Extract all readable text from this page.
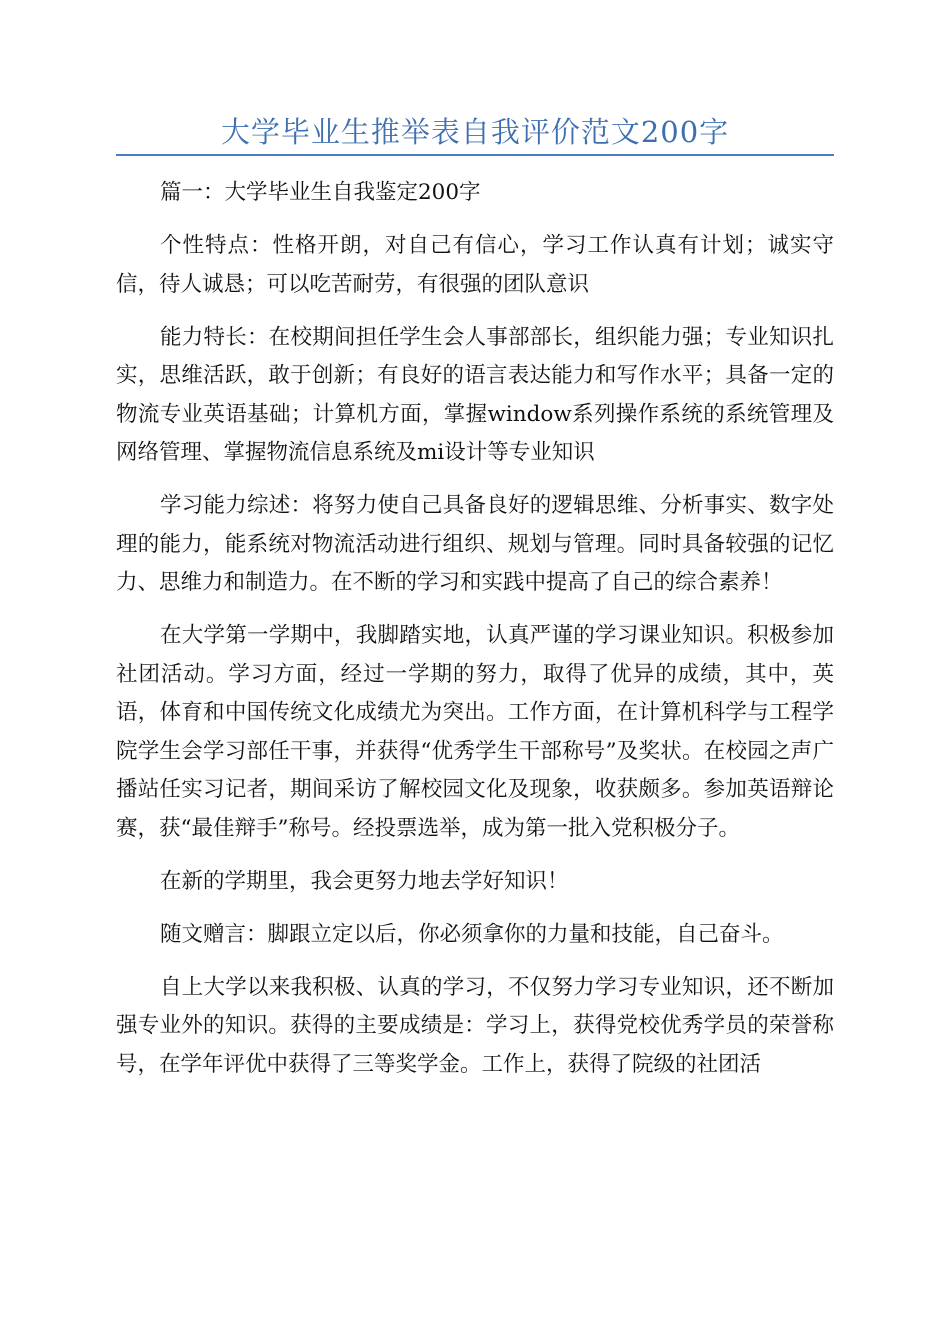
大学毕业生推举表自我评价范文200字

篇一：大学毕业生自我鉴定200字

个性特点：性格开朗，对自己有信心，学习工作认真有计划；诚实守信，待人诚恳；可以吃苦耐劳，有很强的团队意识

能力特长：在校期间担任学生会人事部部长，组织能力强；专业知识扎实，思维活跃，敢于创新；有良好的语言表达能力和写作水平；具备一定的物流专业英语基础；计算机方面，掌握window系列操作系统的系统管理及网络管理、掌握物流信息系统及mi设计等专业知识

学习能力综述：将努力使自己具备良好的逻辑思维、分析事实、数字处理的能力，能系统对物流活动进行组织、规划与管理。同时具备较强的记忆力、思维力和制造力。在不断的学习和实践中提高了自己的综合素养！

在大学第一学期中，我脚踏实地，认真严谨的学习课业知识。积极参加社团活动。学习方面，经过一学期的努力，取得了优异的成绩，其中，英语，体育和中国传统文化成绩尤为突出。工作方面，在计算机科学与工程学院学生会学习部任干事，并获得“优秀学生干部称号”及奖状。在校园之声广播站任实习记者，期间采访了解校园文化及现象，收获颇多。参加英语辩论赛，获“最佳辩手”称号。经投票选举，成为第一批入党积极分子。

在新的学期里，我会更努力地去学好知识！

随文赠言：脚跟立定以后，你必须拿你的力量和技能，自己奋斗。

自上大学以来我积极、认真的学习，不仅努力学习专业知识，还不断加强专业外的知识。获得的主要成绩是：学习上，获得党校优秀学员的荣誉称号，在学年评优中获得了三等奖学金。工作上，获得了院级的社团活
